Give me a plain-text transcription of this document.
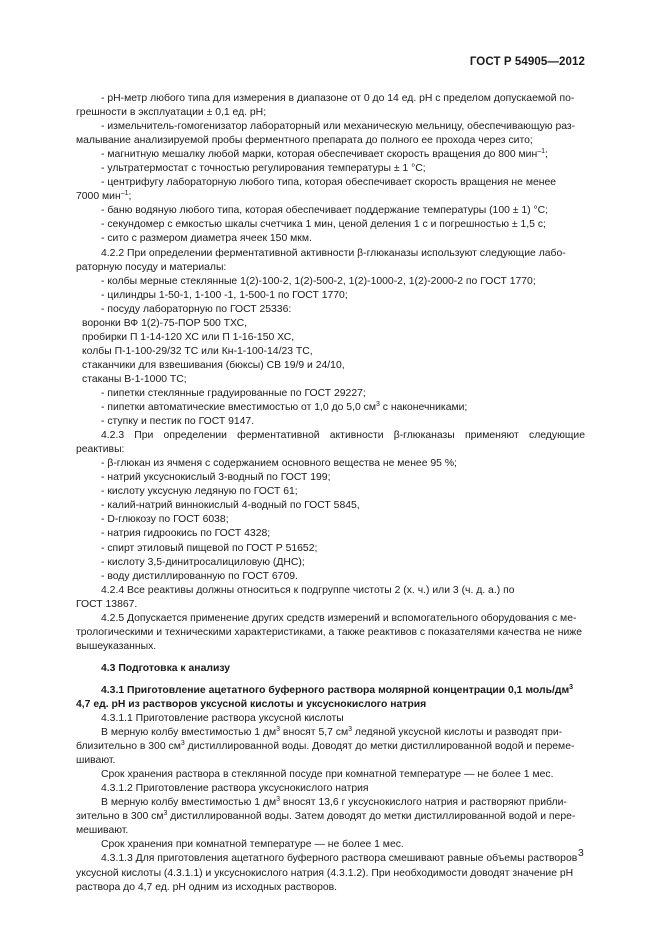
ГОСТ Р 54905—2012

- pH-метр любого типа для измерения в диапазоне от 0 до 14 ед. pH с пределом допускаемой по-

грешности в эксплуатации ± 0,1 ед. pH;

- измельчитель-гомогенизатор лабораторный или механическую мельницу, обеспечивающую раз-

малывание анализируемой пробы ферментного препарата до полного ее прохода через сито;

- магнитную мешалку любой марки, которая обеспечивает скорость вращения до 800 мин$^{-1}$;

- ультратермостат с точностью регулирования температуры ± 1 °С;

- центрифугу лабораторную любого типа, которая обеспечивает скорость вращения не менее

7000 мин$^{-1}$;

- баню водяную любого типа, которая обеспечивает поддержание температуры (100 ± 1) °С;

- секундомер с емкостью шкалы счетчика 1 мин, ценой деления 1 с и погрешностью ± 1,5 с;

- сито с размером диаметра ячеек 150 мкм.

4.2.2 При определении ферментативной активности β-глюканазы используют следующие лабо-

раторную посуду и материалы:

- колбы мерные стеклянные 1(2)-100-2, 1(2)-500-2, 1(2)-1000-2, 1(2)-2000-2 по ГОСТ 1770;

- цилиндры 1-50-1, 1-100 -1, 1-500-1 по ГОСТ 1770;

- посуду лабораторную по ГОСТ 25336:

воронки ВФ 1(2)-75-ПОР 500 ТХС,

пробирки П 1-14-120 ХС или П 1-16-150 ХС,

колбы П-1-100-29/32 ТС или Кн-1-100-14/23 ТС,

стаканчики для взвешивания (бюксы) СВ 19/9 и 24/10,

стаканы В-1-1000 ТС;

- пипетки стеклянные градуированные по ГОСТ 29227;

- пипетки автоматические вместимостью от 1,0 до 5,0 $см^3$ с наконечниками;

- ступку и пестик по ГОСТ 9147.

4.2.3 При определении ферментативной активности β-глюканазы применяют следующие реактивы:

- β-глюкан из ячменя с содержанием основного вещества не менее 95 %;

- натрий уксуснокислый 3-водный по ГОСТ 199;

- кислоту уксусную ледяную по ГОСТ 61;

- калий-натрий виннокислый 4-водный по ГОСТ 5845,

- D-глюкозу по ГОСТ 6038;

- натрия гидроокись по ГОСТ 4328;

- спирт этиловый пищевой по ГОСТ Р 51652;

- кислоту 3,5-динитросалициловую (ДНС);

- воду дистиллированную по ГОСТ 6709.

4.2.4 Все реактивы должны относиться к подгруппе чистоты 2 (х. ч.) или 3 (ч. д. а.) по

ГОСТ 13867.

4.2.5 Допускается применение других средств измерений и вспомогательного оборудования с ме-

трологическими и техническими характеристиками, а также реактивов с показателями качества не ниже

вышеуказанных.

4.3 Подготовка к анализу

4.3.1 Приготовление ацетатного буферного раствора молярной концентрации 0,1 моль/$дм^3$

4,7 ед. pH из растворов уксусной кислоты и уксуснокислого натрия

4.3.1.1 Приготовление раствора уксусной кислоты

В мерную колбу вместимостью 1 $дм^3$ вносят 5,7 $см^3$ ледяной уксусной кислоты и разводят при-

близительно в 300 $см^3$ дистиллированной воды. Доводят до метки дистиллированной водой и переме-

шивают.

Срок хранения раствора в стеклянной посуде при комнатной температуре — не более 1 мес.

4.3.1.2 Приготовление раствора уксуснокислого натрия

В мерную колбу вместимостью 1 $дм^3$ вносят 13,6 г уксуснокислого натрия и растворяют прибли-

зительно в 300 $см^3$ дистиллированной воды. Затем доводят до метки дистиллированной водой и пере-

мешивают.

Срок хранения при комнатной температуре — не более 1 мес.

4.3.1.3 Для приготовления ацетатного буферного раствора смешивают равные объемы растворов

уксусной кислоты (4.3.1.1) и уксуснокислого натрия (4.3.1.2). При необходимости доводят значение pH

раствора до 4,7 ед. pH одним из исходных растворов.

3
